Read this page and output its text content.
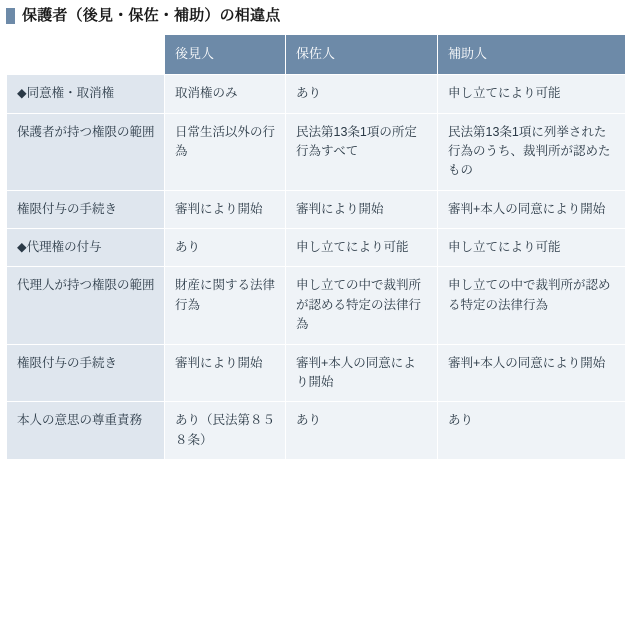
保護者（後見・保佐・補助）の相違点
	後見人	保佐人	補助人
◆同意権・取消権	取消権のみ	あり	申し立てにより可能
保護者が持つ権限の範囲	日常生活以外の行為	民法第13条1項の所定行為すべて	民法第13条1項に列挙された行為のうち、裁判所が認めたもの
権限付与の手続き	審判により開始	審判により開始	審判+本人の同意により開始
◆代理権の付与	あり	申し立てにより可能	申し立てにより可能
代理人が持つ権限の範囲	財産に関する法律行為	申し立ての中で裁判所が認める特定の法律行為	申し立ての中で裁判所が認める特定の法律行為
権限付与の手続き	審判により開始	審判+本人の同意により開始	審判+本人の同意により開始
本人の意思の尊重責務	あり（民法第８５８条）	あり	あり
